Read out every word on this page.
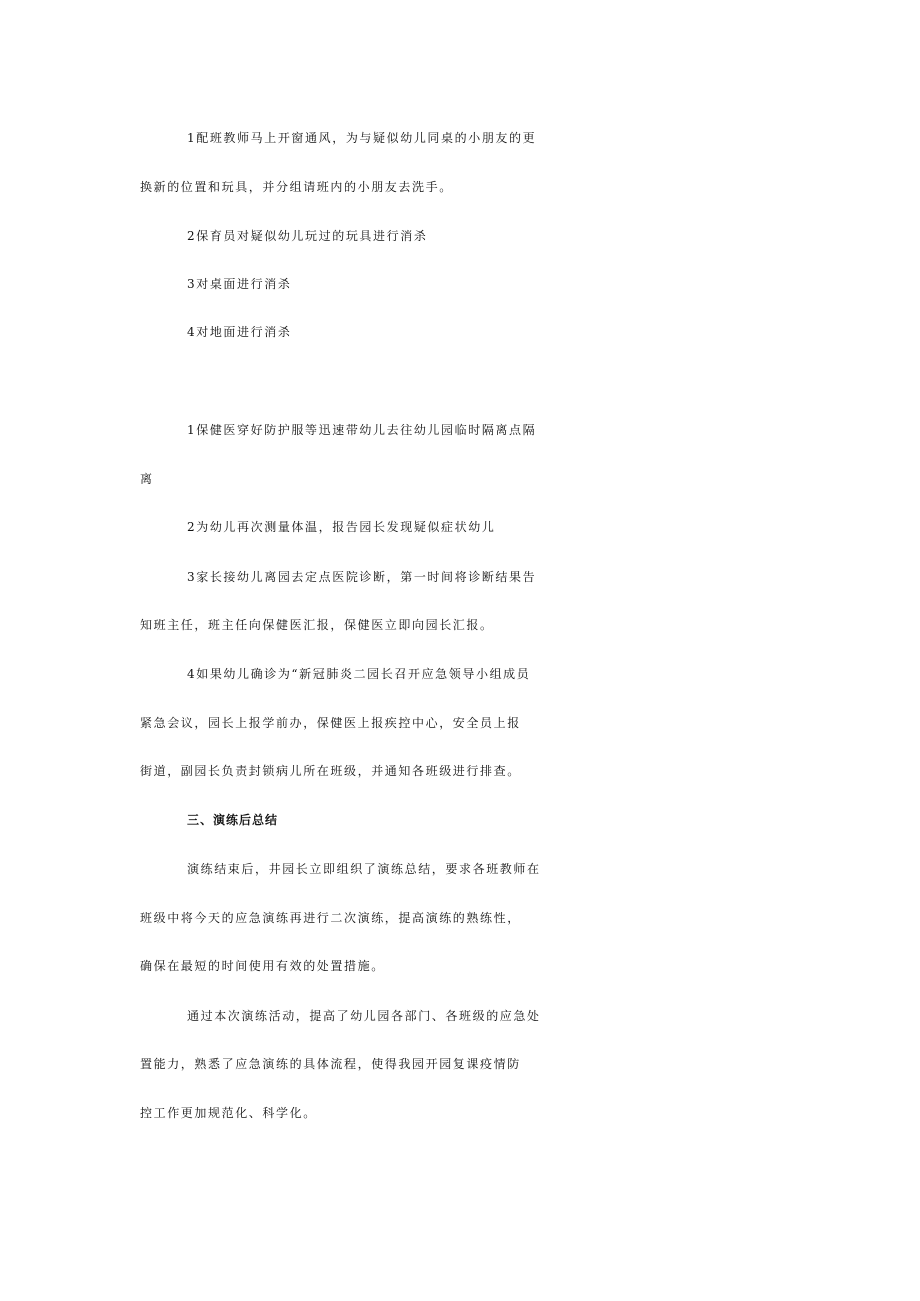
1配班教师马上开窗通风，为与疑似幼儿同桌的小朋友的更
换新的位置和玩具，并分组请班内的小朋友去洗手。
2保育员对疑似幼儿玩过的玩具进行消杀
3对桌面进行消杀
4对地面进行消杀
1保健医穿好防护服等迅速带幼儿去往幼儿园临时隔离点隔
离
2为幼儿再次测量体温，报告园长发现疑似症状幼儿
3家长接幼儿离园去定点医院诊断，第一时间将诊断结果告
知班主任，班主任向保健医汇报，保健医立即向园长汇报。
4如果幼儿确诊为“新冠肺炎二园长召开应急领导小组成员
紧急会议，园长上报学前办，保健医上报疾控中心，安全员上报
街道，副园长负责封锁病儿所在班级，并通知各班级进行排查。
三、演练后总结
演练结束后，井园长立即组织了演练总结，要求各班教师在
班级中将今天的应急演练再进行二次演练，提高演练的熟练性，
确保在最短的时间使用有效的处置措施。
通过本次演练活动，提高了幼儿园各部门、各班级的应急处
置能力，熟悉了应急演练的具体流程，使得我园开园复课疫情防
控工作更加规范化、科学化。
